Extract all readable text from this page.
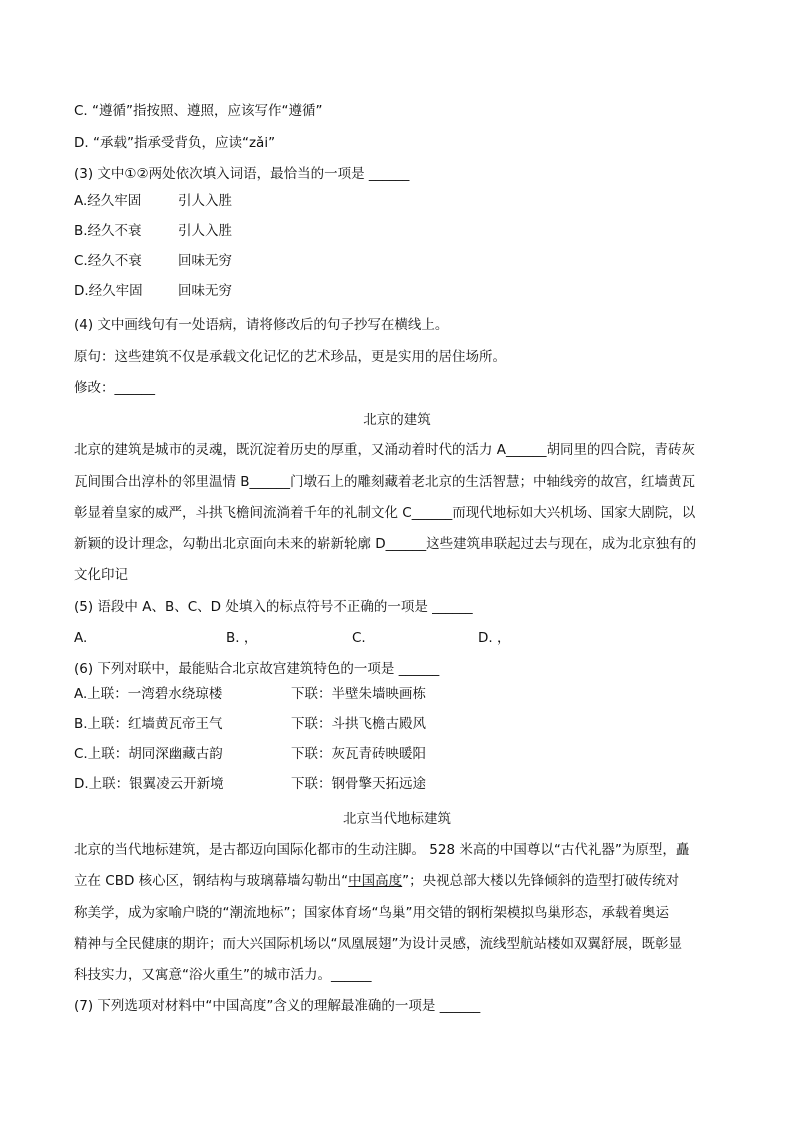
C. “遵循”指按照、遵照，应该写作“遵循”
D. “承载”指承受背负，应读“zǎi”
(3) 文中①②两处依次填入词语，最恰当的一项是 ______
A.经久牢固	引人入胜
B.经久不衰	引人入胜
C.经久不衰	回味无穷
D.经久牢固	回味无穷
(4) 文中画线句有一处语病，请将修改后的句子抄写在横线上。
原句：这些建筑不仅是承载文化记忆的艺术珍品，更是实用的居住场所。
修改：______
北京的建筑
北京的建筑是城市的灵魂，既沉淀着历史的厚重，又涌动着时代的活力 A______胡同里的四合院，青砖灰
瓦间围合出淳朴的邻里温情 B______门墩石上的雕刻藏着老北京的生活智慧；中轴线旁的故宫，红墙黄瓦
彰显着皇家的威严，斗拱飞檐间流淌着千年的礼制文化 C______而现代地标如大兴机场、国家大剧院，以
新颖的设计理念，勾勒出北京面向未来的崭新轮廓 D______这些建筑串联起过去与现在，成为北京独有的
文化印记
(5) 语段中 A、B、C、D 处填入的标点符号不正确的一项是 ______
A.	B. ，	C.	D. ，
(6) 下列对联中，最能贴合北京故宫建筑特色的一项是 ______
A.上联：一湾碧水绕琼楼	下联：半壁朱墙映画栋
B.上联：红墙黄瓦帝王气	下联：斗拱飞檐古殿风
C.上联：胡同深幽藏古韵	下联：灰瓦青砖映暖阳
D.上联：银翼凌云开新境	下联：钢骨擎天拓远途
北京当代地标建筑
北京的当代地标建筑，是古都迈向国际化都市的生动注脚。 528 米高的中国尊以“古代礼器”为原型，矗
立在 CBD 核心区，钢结构与玻璃幕墙勾勒出“中国高度”；央视总部大楼以先锋倾斜的造型打破传统对
称美学，成为家喻户晓的“潮流地标”；国家体育场“鸟巢”用交错的钢桁架模拟鸟巢形态，承载着奥运
精神与全民健康的期许；而大兴国际机场以“凤凰展翅”为设计灵感，流线型航站楼如双翼舒展，既彰显
科技实力，又寓意“浴火重生”的城市活力。______
(7) 下列选项对材料中“中国高度”含义的理解最准确的一项是 ______
